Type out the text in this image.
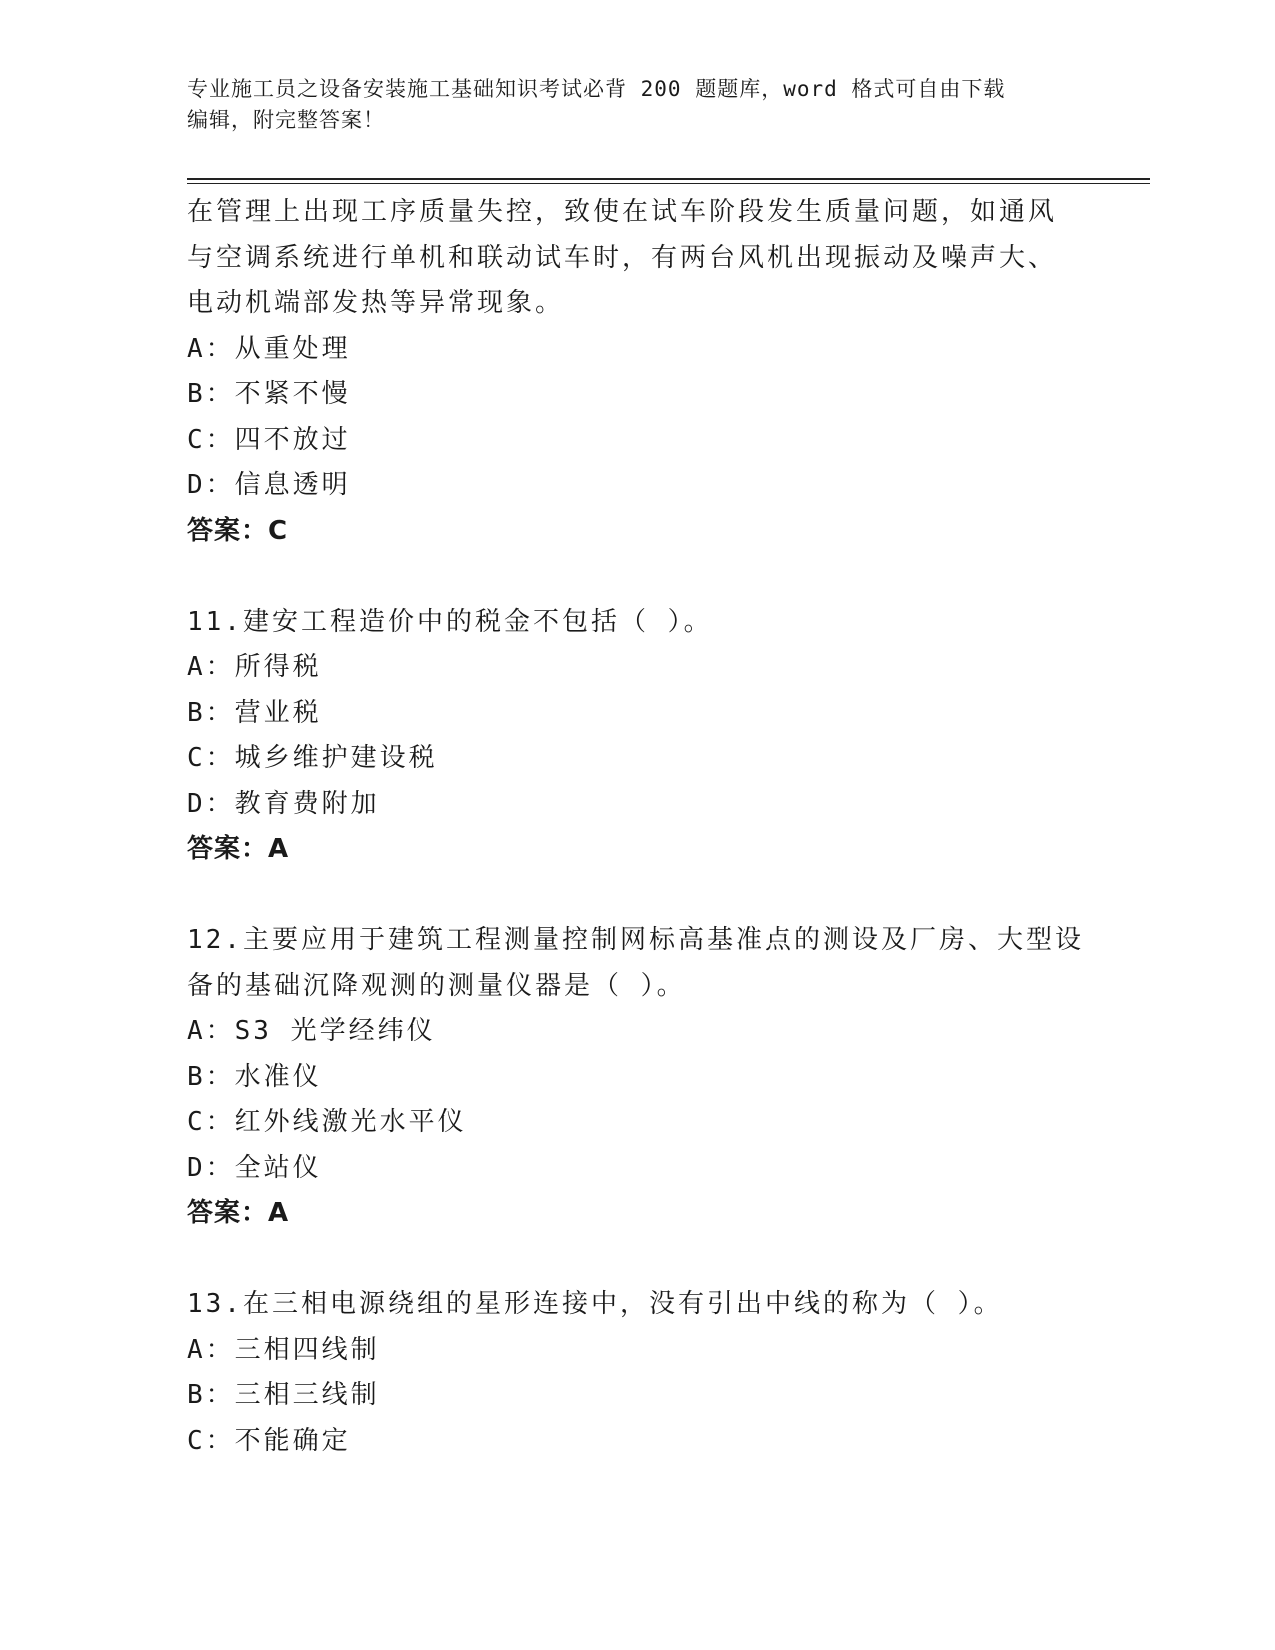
专业施工员之设备安装施工基础知识考试必背 200 题题库，word 格式可自由下载
编辑，附完整答案！
在管理上出现工序质量失控，致使在试车阶段发生质量问题，如通风
与空调系统进行单机和联动试车时，有两台风机出现振动及噪声大、
电动机端部发热等异常现象。
A：从重处理
B：不紧不慢
C：四不放过
D：信息透明
答案：C
11.建安工程造价中的税金不包括（ ）。
A：所得税
B：营业税
C：城乡维护建设税
D：教育费附加
答案：A
12.主要应用于建筑工程测量控制网标高基准点的测设及厂房、大型设
备的基础沉降观测的测量仪器是（ ）。
A：S3 光学经纬仪
B：水准仪
C：红外线激光水平仪
D：全站仪
答案：A
13.在三相电源绕组的星形连接中，没有引出中线的称为（ ）。
A：三相四线制
B：三相三线制
C：不能确定
